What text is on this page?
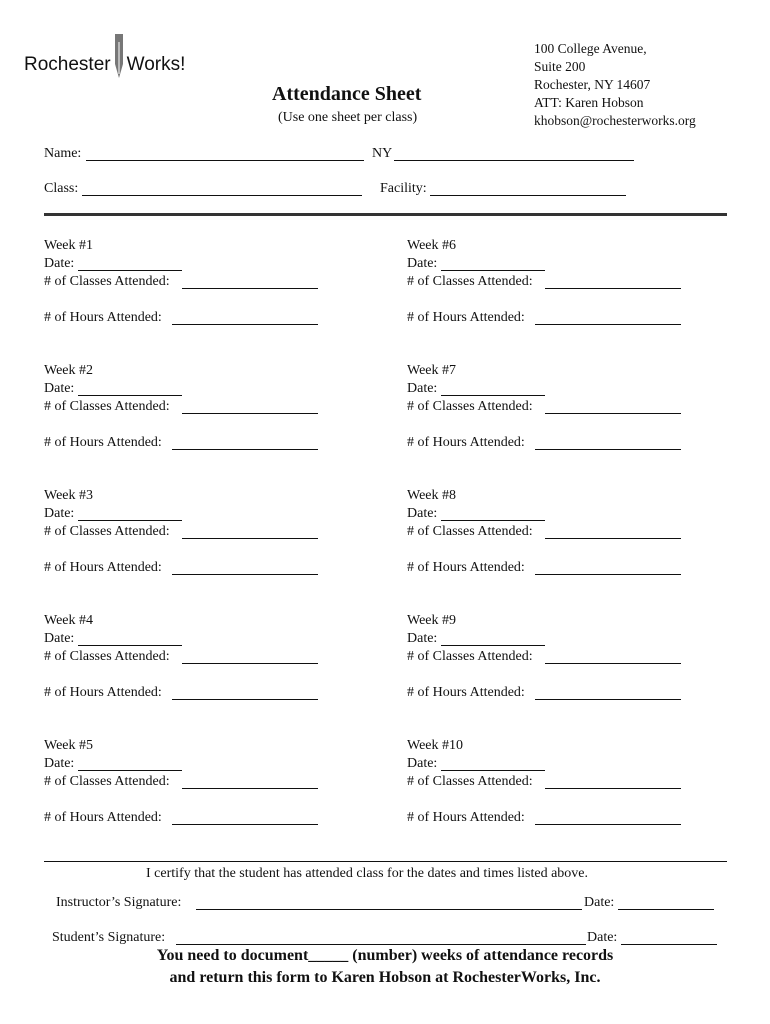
Rochester Works!
Attendance Sheet
(Use one sheet per class)
100 College Avenue,
Suite 200
Rochester, NY 14607
ATT: Karen Hobson
khobson@rochesterworks.org
Name:	NY
Class:	Facility:
Week #1
Date:
# of Classes Attended:
# of Hours Attended:
Week #2
Date:
# of Classes Attended:
# of Hours Attended:
Week #3
Date:
# of Classes Attended:
# of Hours Attended:
Week #4
Date:
# of Classes Attended:
# of Hours Attended:
Week #5
Date:
# of Classes Attended:
# of Hours Attended:
Week #6
Date:
# of Classes Attended:
# of Hours Attended:
Week #7
Date:
# of Classes Attended:
# of Hours Attended:
Week #8
Date:
# of Classes Attended:
# of Hours Attended:
Week #9
Date:
# of Classes Attended:
# of Hours Attended:
Week #10
Date:
# of Classes Attended:
# of Hours Attended:
I certify that the student has attended class for the dates and times listed above.
Instructor’s Signature:	Date:
Student’s Signature:	Date:
You need to document_____ (number) weeks of attendance records
and return this form to Karen Hobson at RochesterWorks, Inc.
